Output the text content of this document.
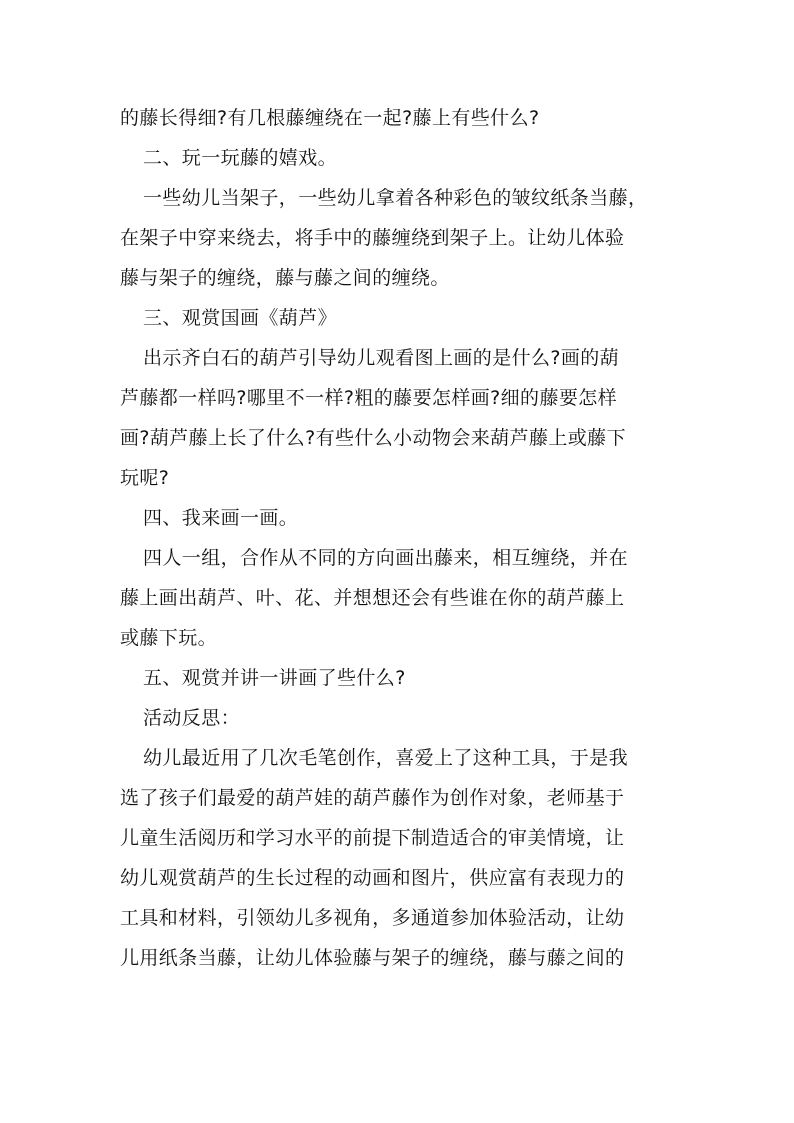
的藤长得细?有几根藤缠绕在一起?藤上有些什么?
二、玩一玩藤的嬉戏。
一些幼儿当架子，一些幼儿拿着各种彩色的皱纹纸条当藤，
在架子中穿来绕去，将手中的藤缠绕到架子上。让幼儿体验
藤与架子的缠绕，藤与藤之间的缠绕。
三、观赏国画《葫芦》
出示齐白石的葫芦引导幼儿观看图上画的是什么?画的葫
芦藤都一样吗?哪里不一样?粗的藤要怎样画?细的藤要怎样
画?葫芦藤上长了什么?有些什么小动物会来葫芦藤上或藤下
玩呢?
四、我来画一画。
四人一组，合作从不同的方向画出藤来，相互缠绕，并在
藤上画出葫芦、叶、花、并想想还会有些谁在你的葫芦藤上
或藤下玩。
五、观赏并讲一讲画了些什么?
活动反思：
幼儿最近用了几次毛笔创作，喜爱上了这种工具，于是我
选了孩子们最爱的葫芦娃的葫芦藤作为创作对象，老师基于
儿童生活阅历和学习水平的前提下制造适合的审美情境，让
幼儿观赏葫芦的生长过程的动画和图片，供应富有表现力的
工具和材料，引领幼儿多视角，多通道参加体验活动，让幼
儿用纸条当藤，让幼儿体验藤与架子的缠绕，藤与藤之间的
